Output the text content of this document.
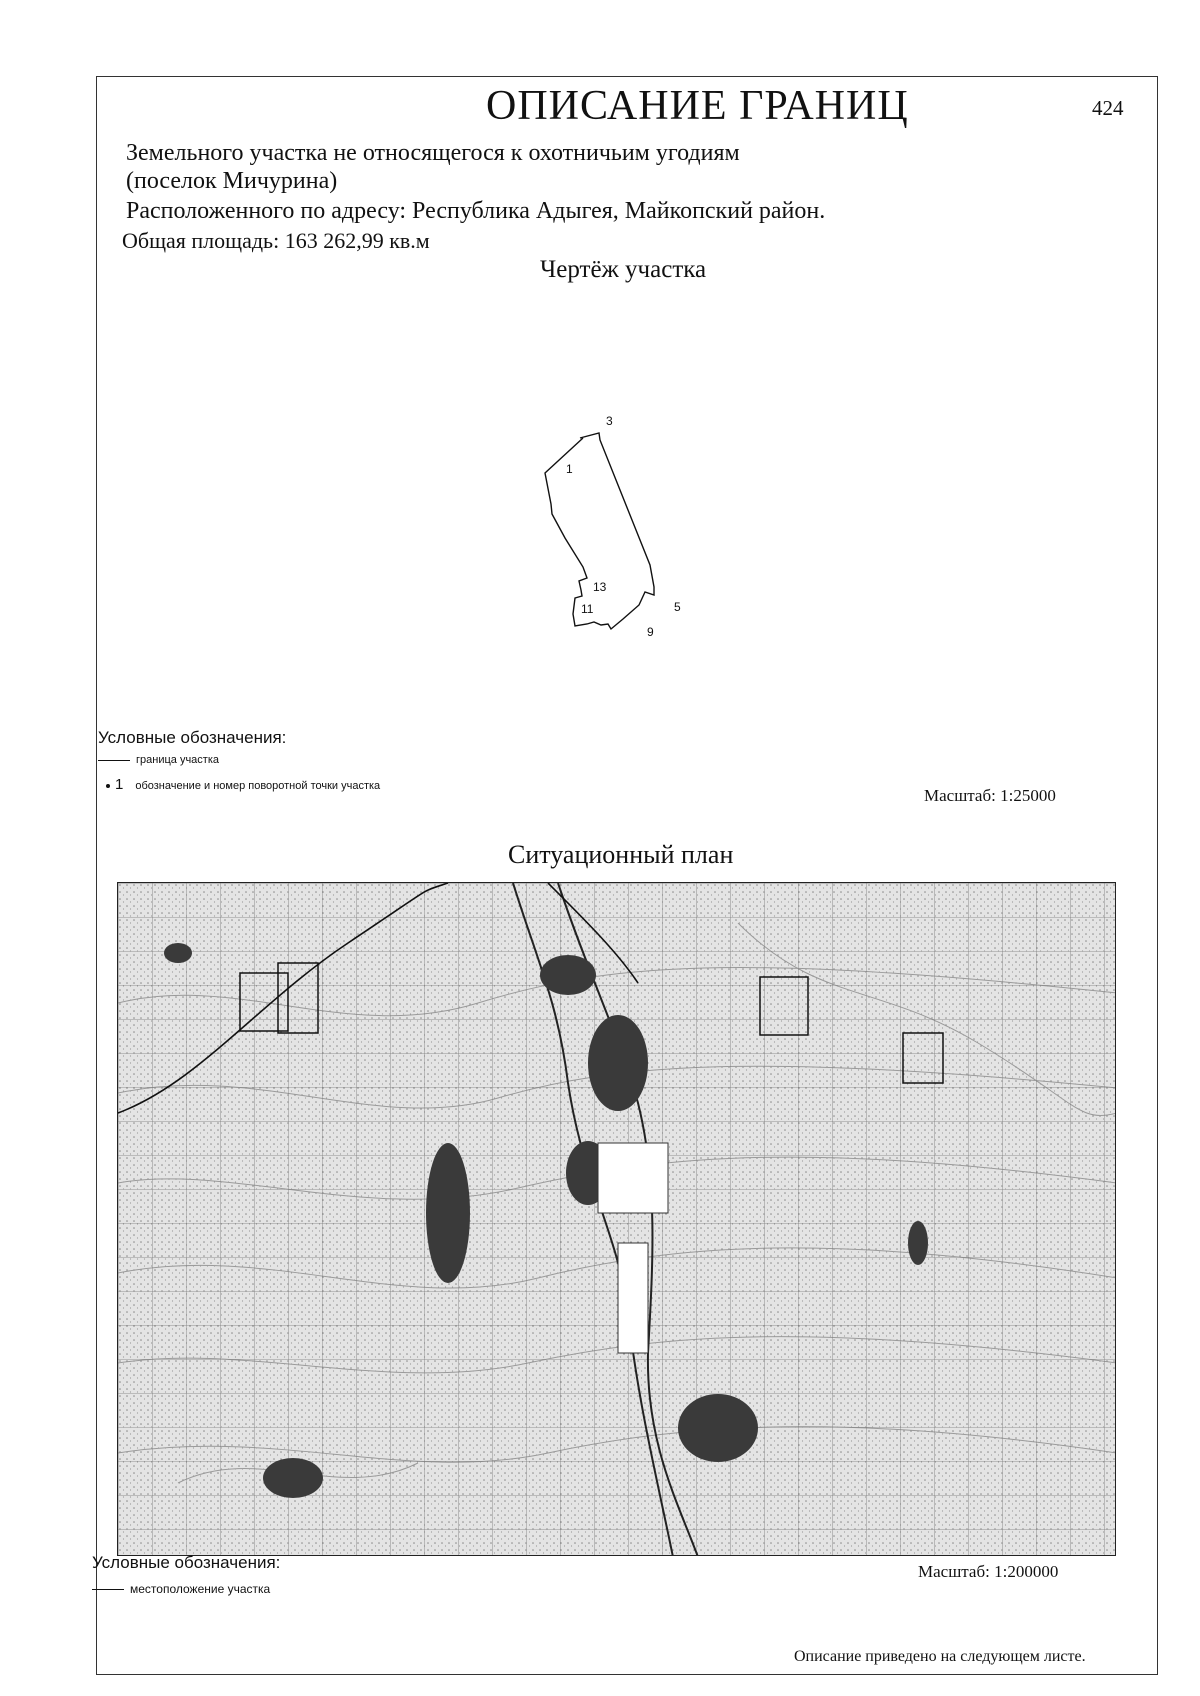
ОПИСАНИЕ ГРАНИЦ	424
Земельного участка не относящегося к охотничьим угодиям
(поселок Мичурина)
Расположенного по адресу: Республика Адыгея, Майкопский район.
Общая площадь: 163 262,99 кв.м
Чертёж участка
3
1
13
11	5
9
Условные обозначения:
граница участка
1 обозначение и номер поворотной точки участка	Масштаб: 1:25000
Ситуационный план
Условные обозначения:
местоположение участка
Масштаб: 1:200000
Описание приведено на следующем листе.
